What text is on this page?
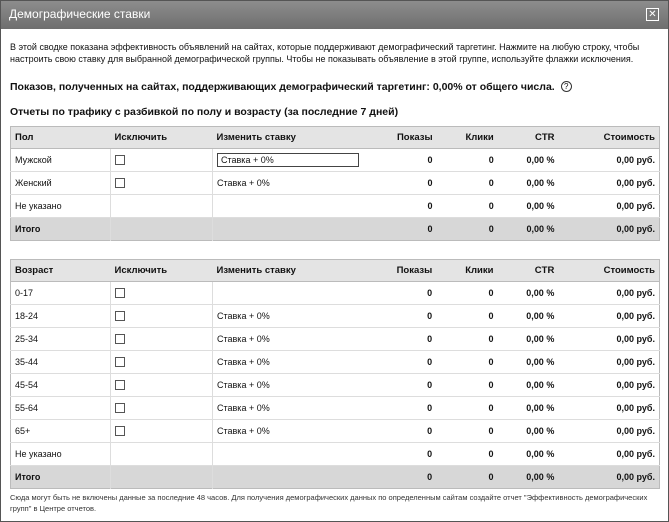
Демографические ставки	✕
В этой сводке показана эффективность объявлений на сайтах, которые поддерживают демографический таргетинг. Нажмите на любую строку, чтобы настроить свою ставку для выбранной демографической группы. Чтобы не показывать объявление в этой группе, используйте флажки исключения.
Показов, полученных на сайтах, поддерживающих демографический таргетинг: 0,00% от общего числа. ?
Отчеты по трафику с разбивкой по полу и возрасту (за последние 7 дней)
Пол	Исключить	Изменить ставку	Показы	Клики	CTR	Стоимость
Мужской		Ставка + 0%	0	0	0,00 %	0,00 руб.
Женский		Ставка + 0%	0	0	0,00 %	0,00 руб.
Не указано			0	0	0,00 %	0,00 руб.
Итого			0	0	0,00 %	0,00 руб.
Возраст	Исключить	Изменить ставку	Показы	Клики	CTR	Стоимость
0-17			0	0	0,00 %	0,00 руб.
18-24		Ставка + 0%	0	0	0,00 %	0,00 руб.
25-34		Ставка + 0%	0	0	0,00 %	0,00 руб.
35-44		Ставка + 0%	0	0	0,00 %	0,00 руб.
45-54		Ставка + 0%	0	0	0,00 %	0,00 руб.
55-64		Ставка + 0%	0	0	0,00 %	0,00 руб.
65+		Ставка + 0%	0	0	0,00 %	0,00 руб.
Не указано			0	0	0,00 %	0,00 руб.
Итого			0	0	0,00 %	0,00 руб.
Сюда могут быть не включены данные за последние 48 часов. Для получения демографических данных по определенным сайтам создайте отчет "Эффективность демографических групп" в Центре отчетов.
